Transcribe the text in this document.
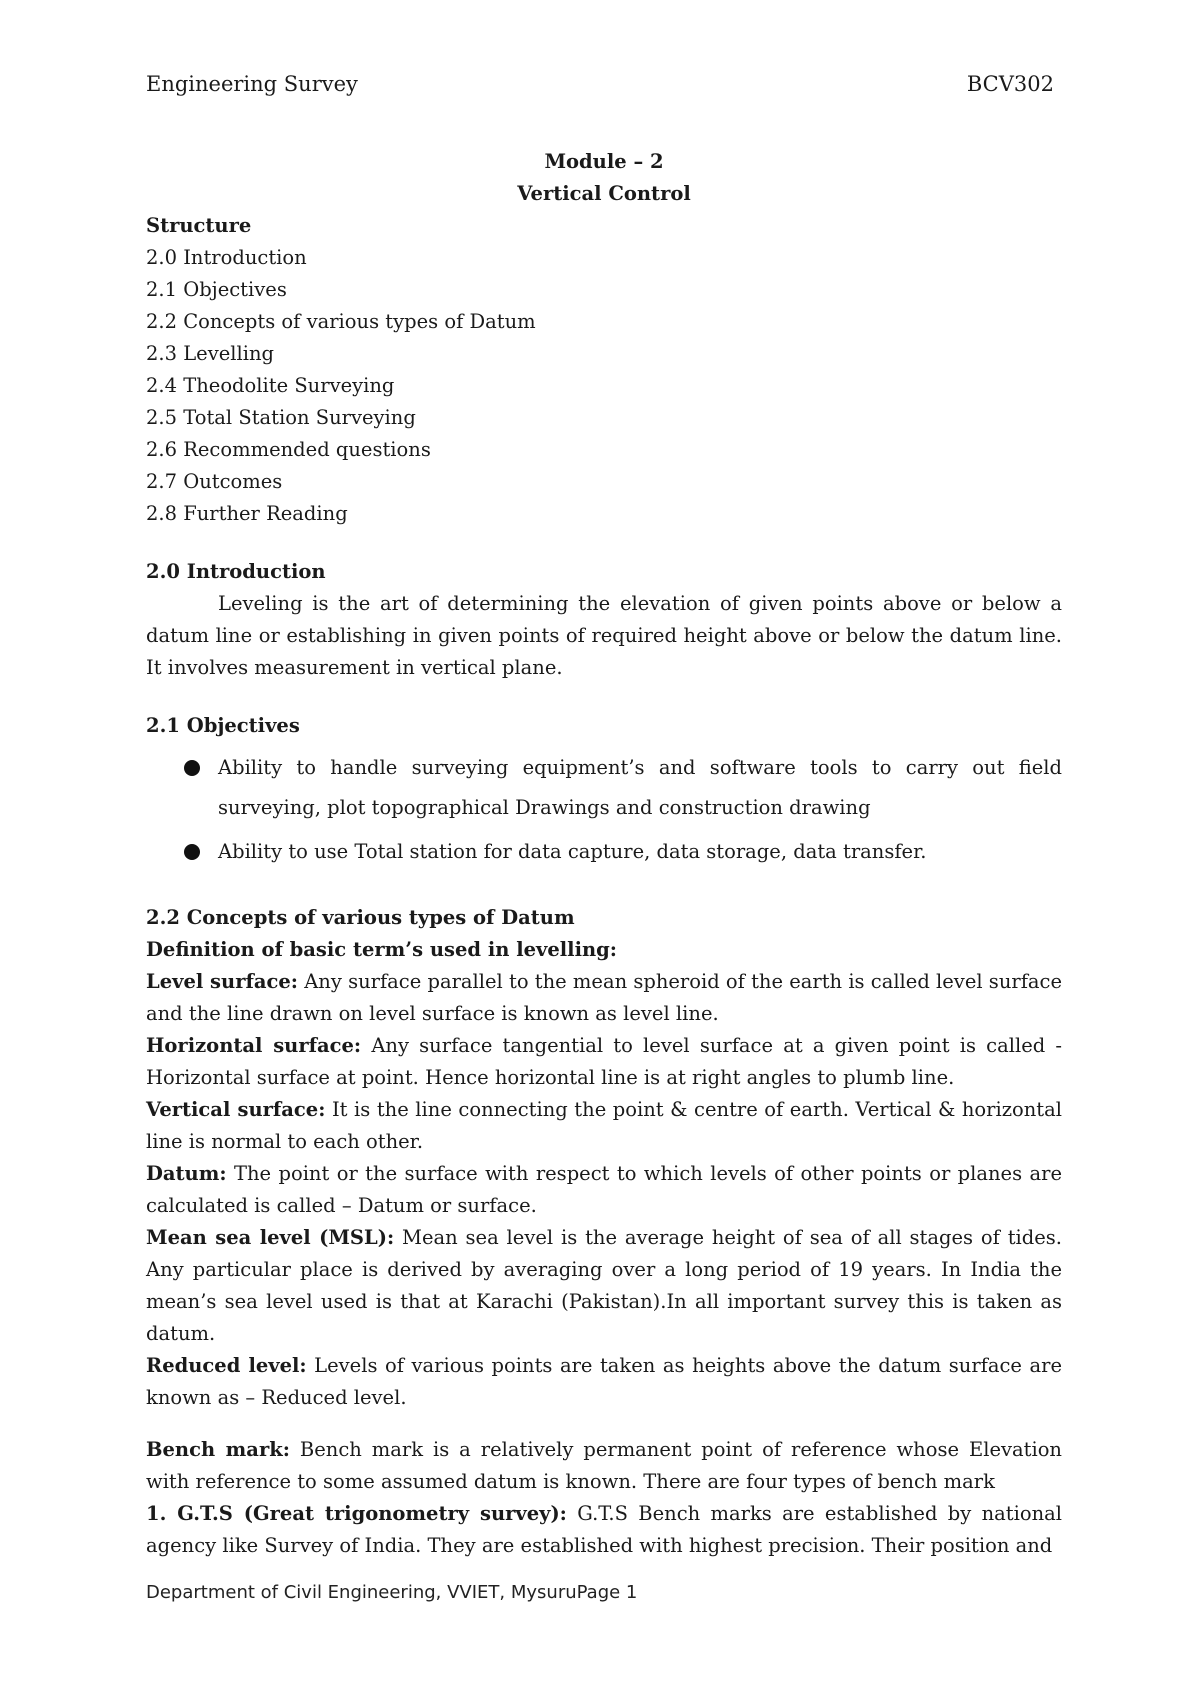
Engineering Survey	BCV302
Module – 2
Vertical Control
Structure
2.0 Introduction
2.1 Objectives
2.2 Concepts of various types of Datum
2.3 Levelling
2.4 Theodolite Surveying
2.5 Total Station Surveying
2.6 Recommended questions
2.7 Outcomes
2.8 Further Reading
2.0 Introduction
Leveling is the art of determining the elevation of given points above or below a datum line or establishing in given points of required height above or below the datum line. It involves measurement in vertical plane.
2.1 Objectives
Ability to handle surveying equipment’s and software tools to carry out field surveying, plot topographical Drawings and construction drawing
Ability to use Total station for data capture, data storage, data transfer.
2.2 Concepts of various types of Datum
Definition of basic term’s used in levelling:
Level surface: Any surface parallel to the mean spheroid of the earth is called level surface and the line drawn on level surface is known as level line.
Horizontal surface: Any surface tangential to level surface at a given point is called - Horizontal surface at point. Hence horizontal line is at right angles to plumb line.
Vertical surface: It is the line connecting the point & centre of earth. Vertical & horizontal line is normal to each other.
Datum: The point or the surface with respect to which levels of other points or planes are calculated is called – Datum or surface.
Mean sea level (MSL): Mean sea level is the average height of sea of all stages of tides. Any particular place is derived by averaging over a long period of 19 years. In India the mean’s sea level used is that at Karachi (Pakistan).In all important survey this is taken as datum.
Reduced level: Levels of various points are taken as heights above the datum surface are known as – Reduced level.
Bench mark: Bench mark is a relatively permanent point of reference whose Elevation with reference to some assumed datum is known. There are four types of bench mark
1. G.T.S (Great trigonometry survey): G.T.S Bench marks are established by national agency like Survey of India. They are established with highest precision. Their position and
Department of Civil Engineering, VVIET, MysuruPage 1
